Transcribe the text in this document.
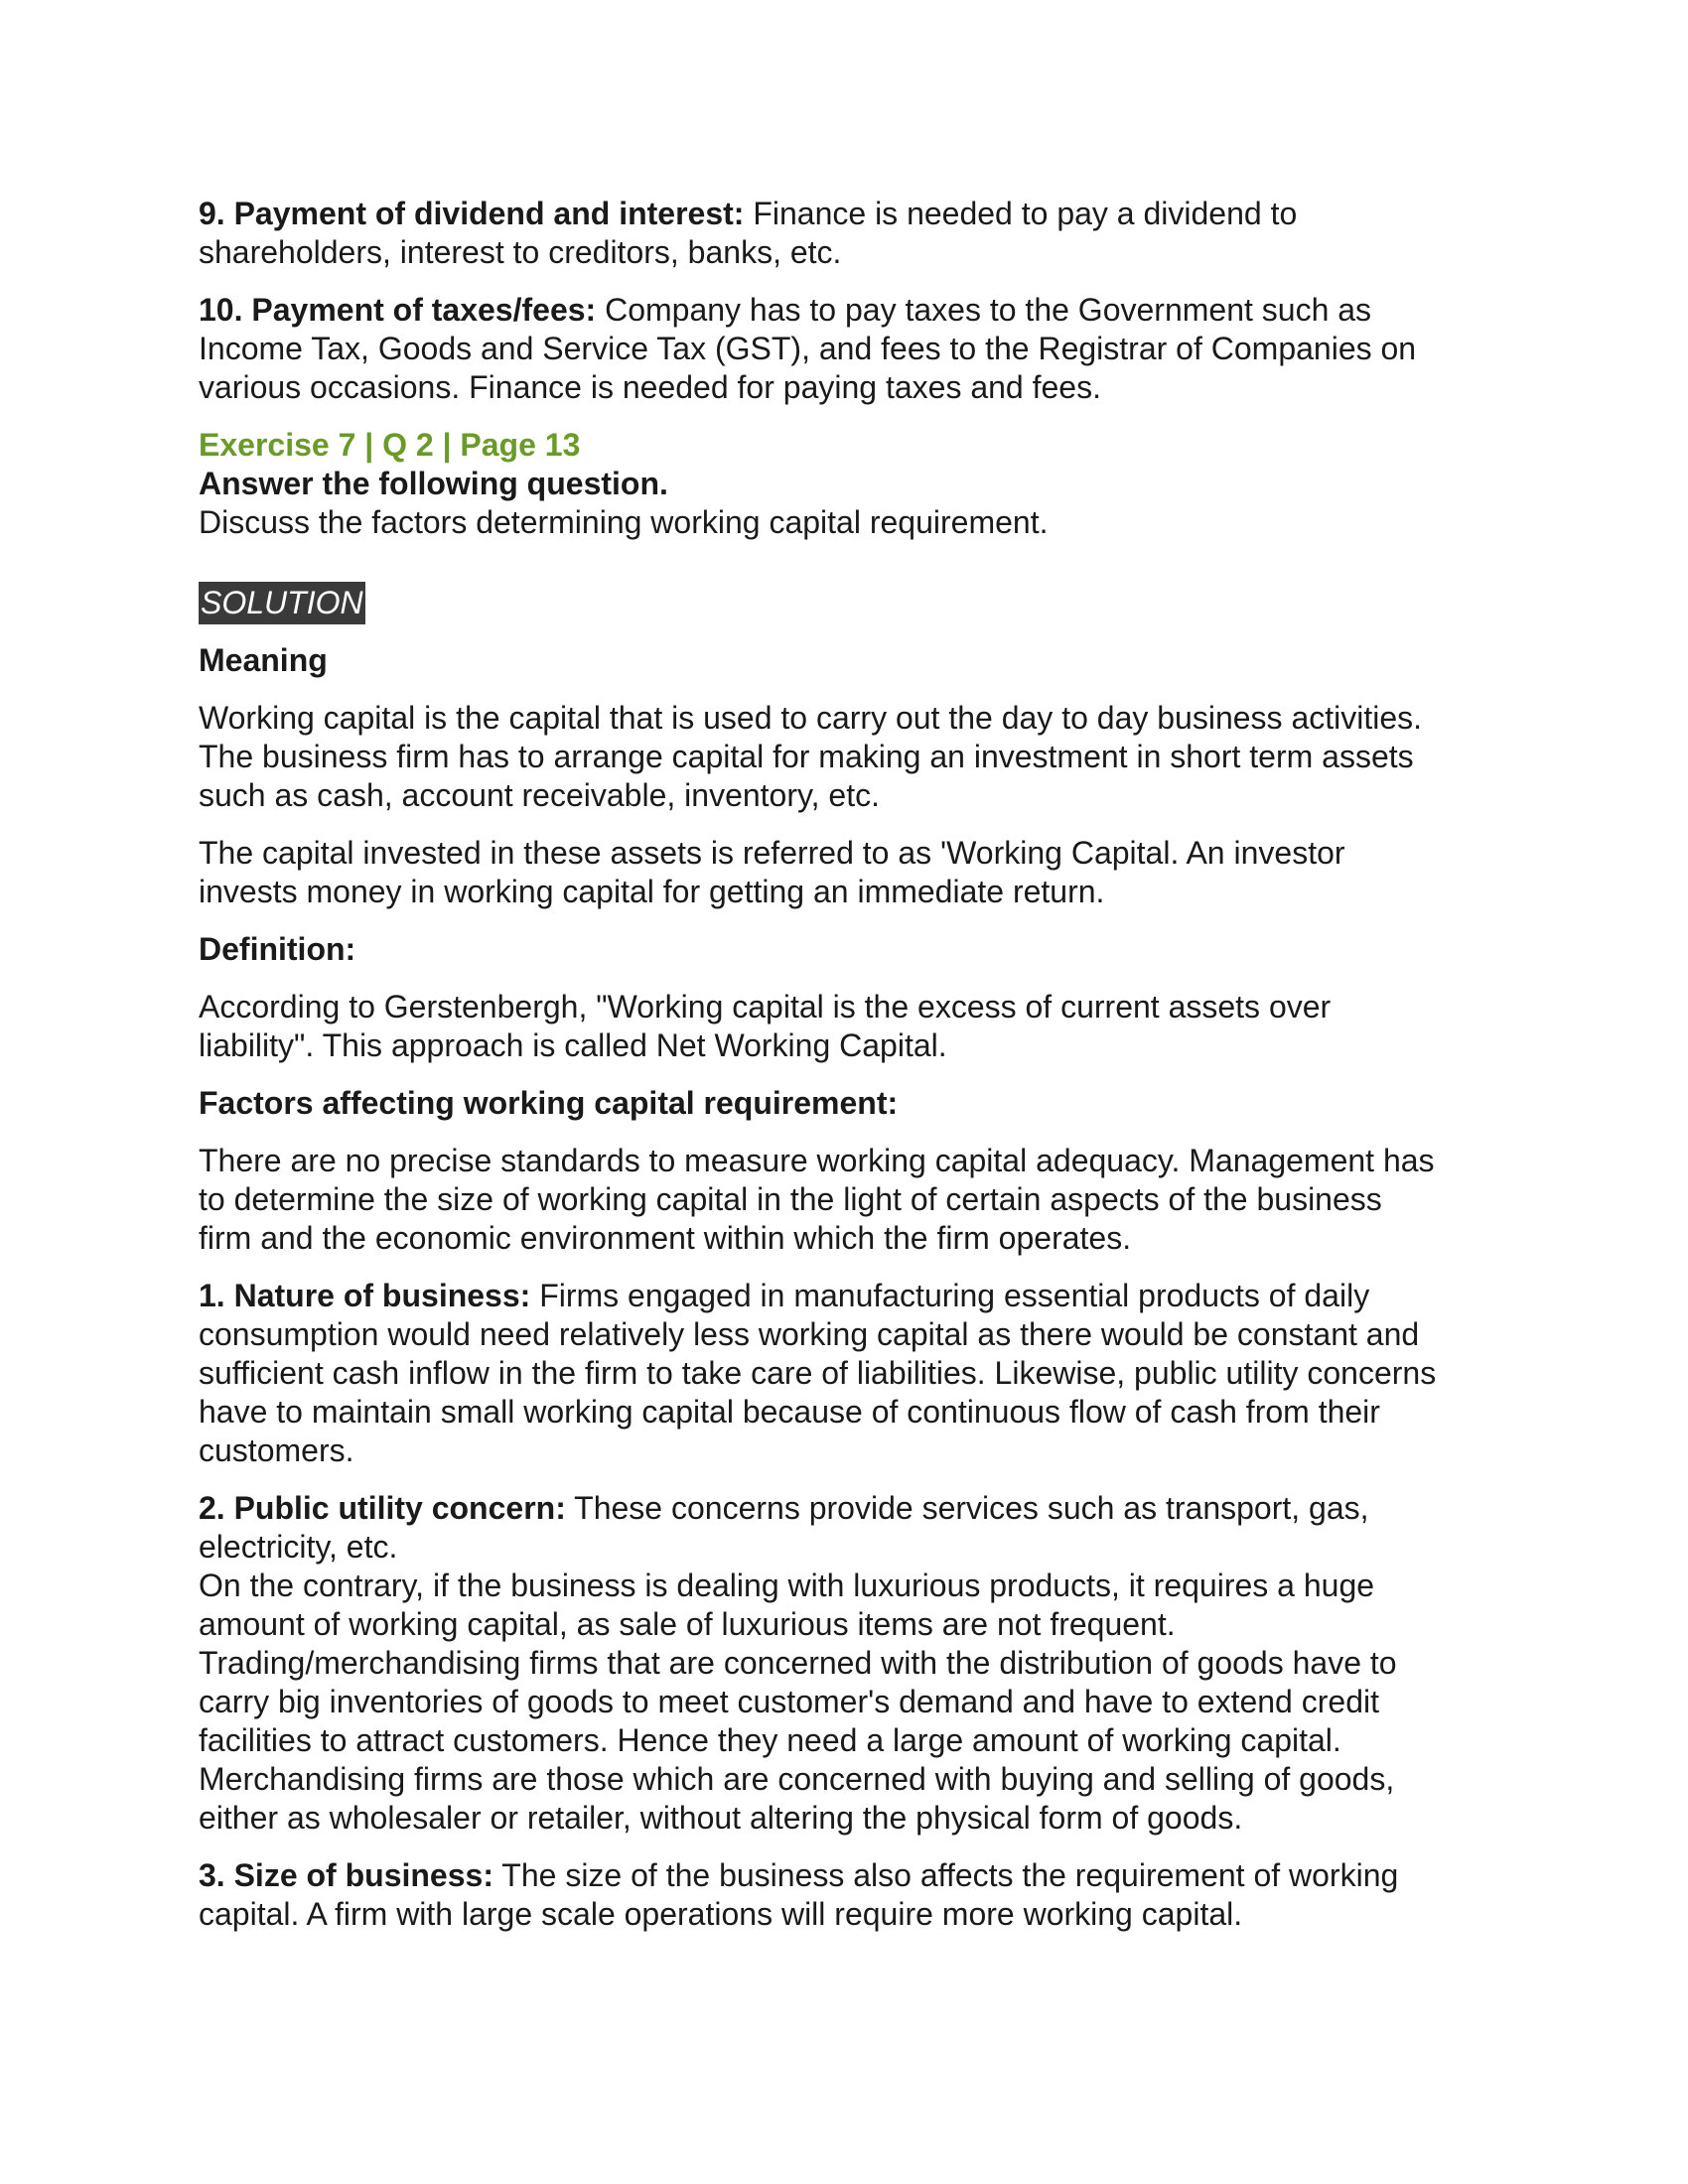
9. Payment of dividend and interest: Finance is needed to pay a dividend to
shareholders, interest to creditors, banks, etc.
10. Payment of taxes/fees: Company has to pay taxes to the Government such as
Income Tax, Goods and Service Tax (GST), and fees to the Registrar of Companies on
various occasions. Finance is needed for paying taxes and fees.
Exercise 7 | Q 2 | Page 13
Answer the following question.
Discuss the factors determining working capital requirement.
SOLUTION
Meaning
Working capital is the capital that is used to carry out the day to day business activities.
The business firm has to arrange capital for making an investment in short term assets
such as cash, account receivable, inventory, etc.
The capital invested in these assets is referred to as 'Working Capital. An investor
invests money in working capital for getting an immediate return.
Definition:
According to Gerstenbergh, "Working capital is the excess of current assets over
liability". This approach is called Net Working Capital.
Factors affecting working capital requirement:
There are no precise standards to measure working capital adequacy. Management has
to determine the size of working capital in the light of certain aspects of the business
firm and the economic environment within which the firm operates.
1. Nature of business: Firms engaged in manufacturing essential products of daily
consumption would need relatively less working capital as there would be constant and
sufficient cash inflow in the firm to take care of liabilities. Likewise, public utility concerns
have to maintain small working capital because of continuous flow of cash from their
customers.
2. Public utility concern: These concerns provide services such as transport, gas,
electricity, etc.
On the contrary, if the business is dealing with luxurious products, it requires a huge
amount of working capital, as sale of luxurious items are not frequent.
Trading/merchandising firms that are concerned with the distribution of goods have to
carry big inventories of goods to meet customer's demand and have to extend credit
facilities to attract customers. Hence they need a large amount of working capital.
Merchandising firms are those which are concerned with buying and selling of goods,
either as wholesaler or retailer, without altering the physical form of goods.
3. Size of business: The size of the business also affects the requirement of working
capital. A firm with large scale operations will require more working capital.
